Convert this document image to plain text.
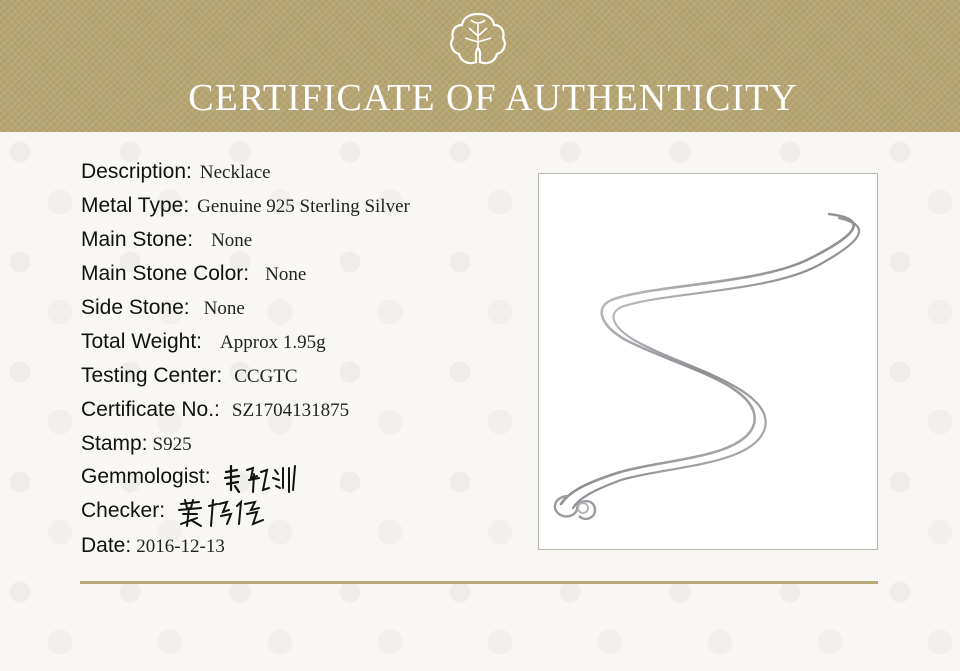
CERTIFICATE OF AUTHENTICITY
Description: Necklace
Metal Type: Genuine 925 Sterling Silver
Main Stone: None
Main Stone Color: None
Side Stone: None
Total Weight: Approx 1.95g
Testing Center: CCGTC
Certificate No.: SZ1704131875
Stamp: S925
Gemmologist:
Checker:
Date: 2016-12-13
